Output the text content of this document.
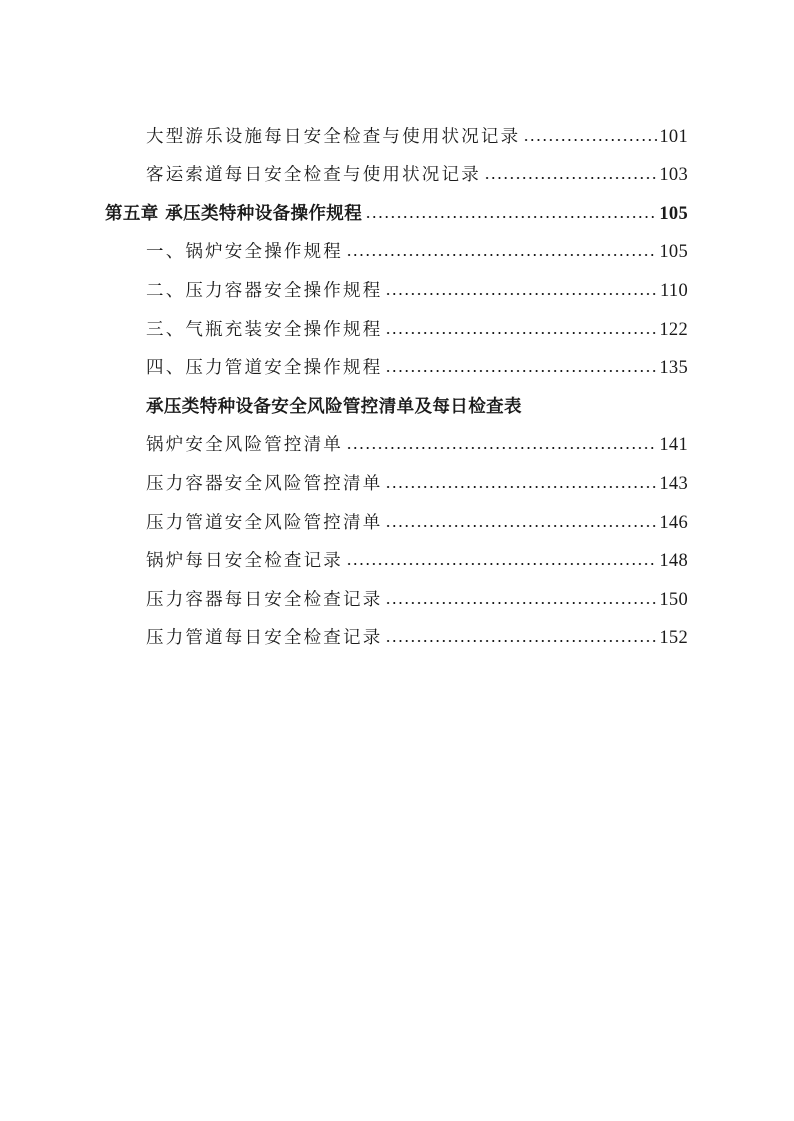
大型游乐设施每日安全检查与使用状况记录	101
客运索道每日安全检查与使用状况记录	103
第五章 承压类特种设备操作规程	105
一、锅炉安全操作规程	105
二、压力容器安全操作规程	110
三、气瓶充装安全操作规程	122
四、压力管道安全操作规程	135
承压类特种设备安全风险管控清单及每日检查表
锅炉安全风险管控清单	141
压力容器安全风险管控清单	143
压力管道安全风险管控清单	146
锅炉每日安全检查记录	148
压力容器每日安全检查记录	150
压力管道每日安全检查记录	152
